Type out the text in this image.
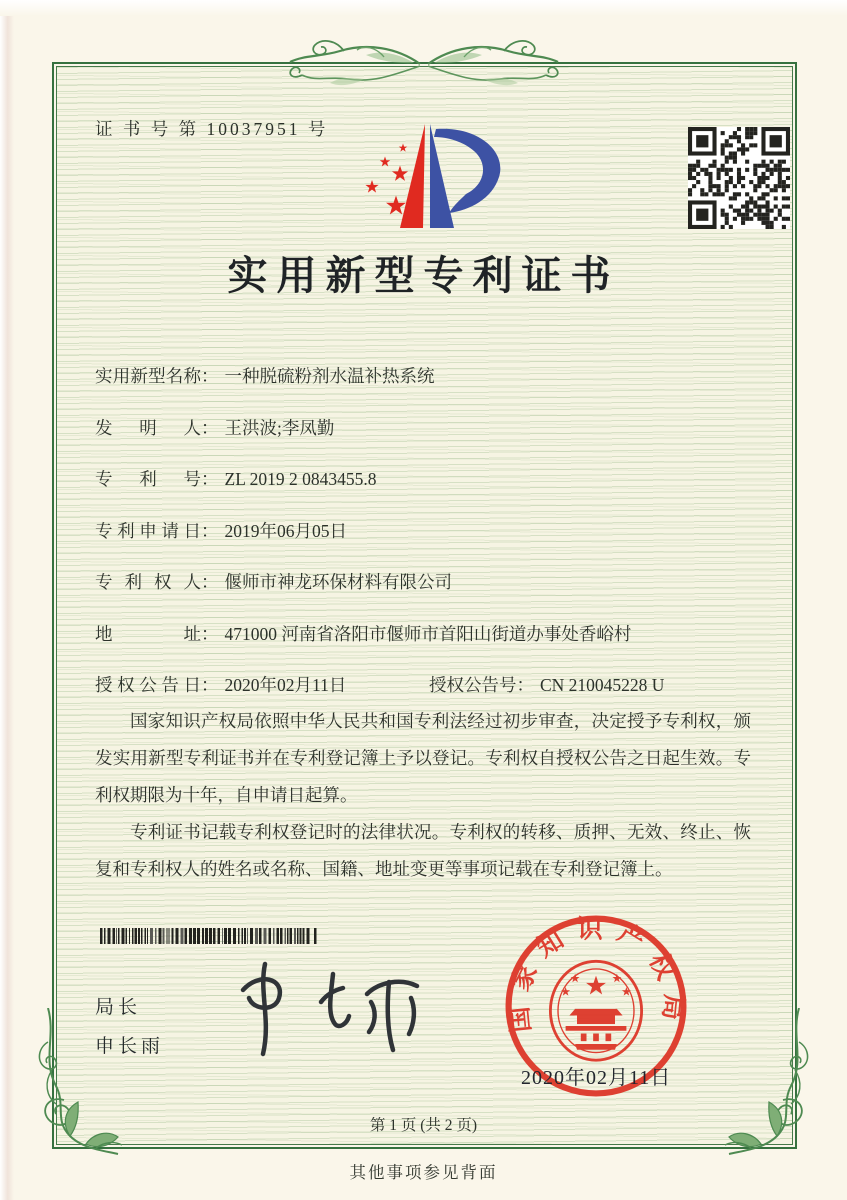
证 书 号 第 10037951 号
实用新型专利证书
实用新型名称： 一种脱硫粉剂水温补热系统
发明人： 王洪波;李凤勤
专利号： ZL 2019 2 0843455.8
专利申请日： 2019年06月05日
专利权人： 偃师市神龙环保材料有限公司
地址： 471000 河南省洛阳市偃师市首阳山街道办事处香峪村
授权公告日： 2020年02月11日	授权公告号： CN 210045228 U

国家知识产权局依照中华人民共和国专利法经过初步审查，决定授予专利权，颁发实用新型专利证书并在专利登记簿上予以登记。专利权自授权公告之日起生效。专利权期限为十年，自申请日起算。

专利证书记载专利权登记时的法律状况。专利权的转移、质押、无效、终止、恢复和专利权人的姓名或名称、国籍、地址变更等事项记载在专利登记簿上。

局长
申长雨
国家知识产权局
2020年02月11日
第 1 页 (共 2 页)
其他事项参见背面
